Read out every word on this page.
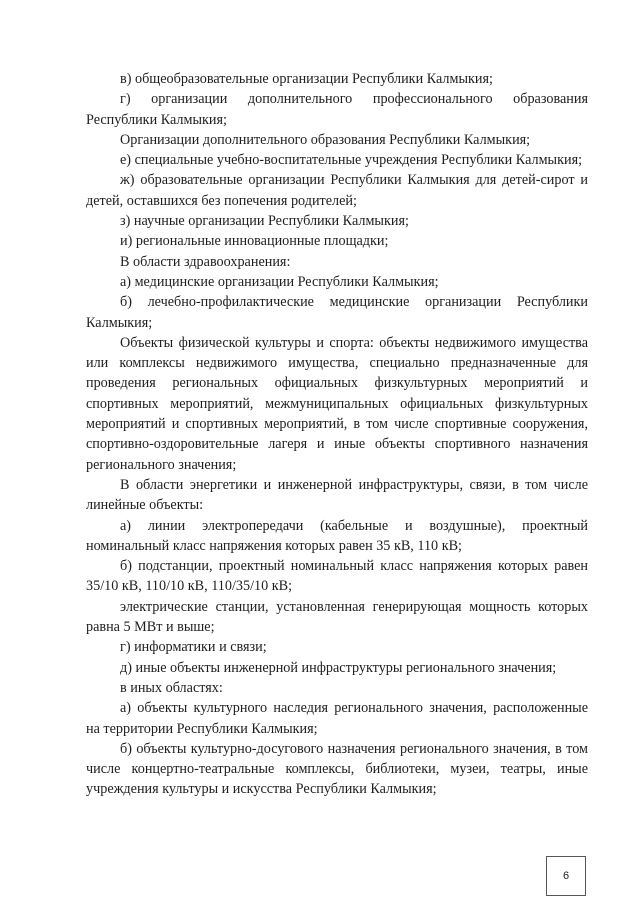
в) общеобразовательные организации Республики Калмыкия;

г) организации дополнительного профессионального образования Республики Калмыкия;

Организации дополнительного образования Республики Калмыкия;

е) специальные учебно-воспитательные учреждения Республики Калмыкия;

ж) образовательные организации Республики Калмыкия для детей-сирот и детей, оставшихся без попечения родителей;

з) научные организации Республики Калмыкия;

и) региональные инновационные площадки;

В области здравоохранения:

а) медицинские организации Республики Калмыкия;

б) лечебно-профилактические медицинские организации Республики Калмыкия;

Объекты физической культуры и спорта: объекты недвижимого имущества или комплексы недвижимого имущества, специально предназначенные для проведения региональных официальных физкультурных мероприятий и спортивных мероприятий, межмуниципальных официальных физкультурных мероприятий и спортивных мероприятий, в том числе спортивные сооружения, спортивно-оздоровительные лагеря и иные объекты спортивного назначения регионального значения;

В области энергетики и инженерной инфраструктуры, связи, в том числе линейные объекты:

а) линии электропередачи (кабельные и воздушные), проектный номинальный класс напряжения которых равен 35 кВ, 110 кВ;

б) подстанции, проектный номинальный класс напряжения которых равен 35/10 кВ, 110/10 кВ, 110/35/10 кВ;

электрические станции, установленная генерирующая мощность которых равна 5 МВт и выше;

г) информатики и связи;

д) иные объекты инженерной инфраструктуры регионального значения;

в иных областях:

а) объекты культурного наследия регионального значения, расположенные на территории Республики Калмыкия;

б) объекты культурно-досугового назначения регионального значения, в том числе концертно-театральные комплексы, библиотеки, музеи, театры, иные учреждения культуры и искусства Республики Калмыкия;

6
